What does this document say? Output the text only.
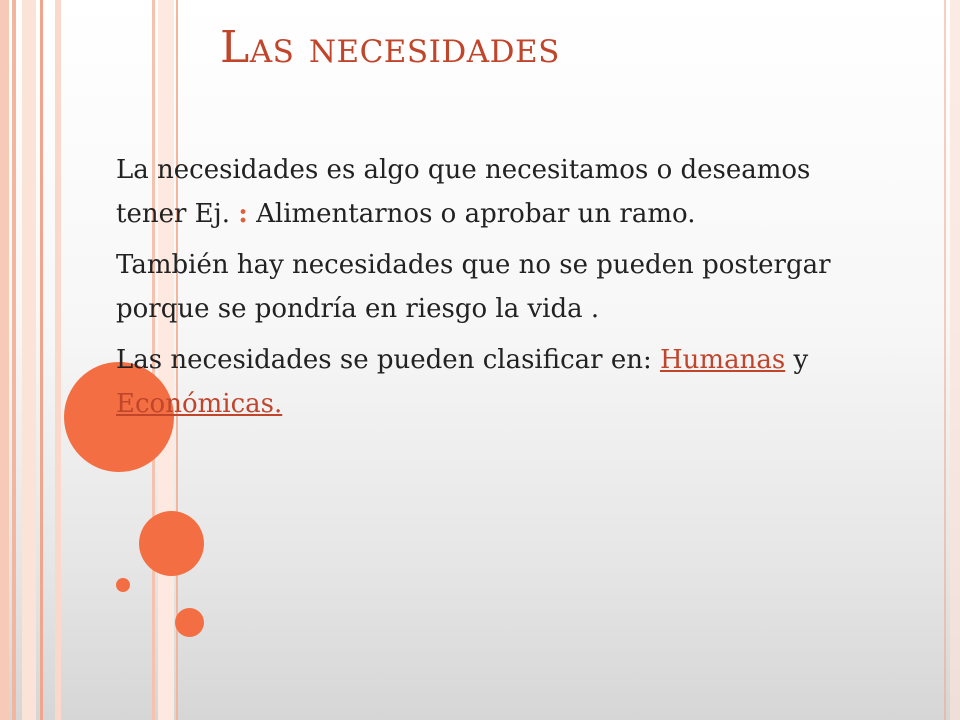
Las necesidades

La necesidades es algo que necesitamos o deseamos tener Ej. : Alimentarnos o aprobar un ramo.

También hay necesidades que no se pueden postergar porque se pondría en riesgo la vida .

Las necesidades se pueden clasificar en: Humanas y Económicas.
